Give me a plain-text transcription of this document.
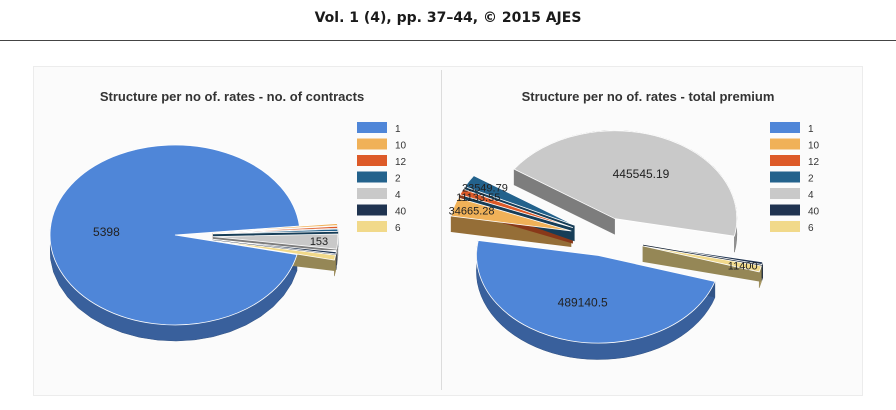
Vol. 1 (4), pp. 37–44, © 2015 AJES
Structure per no of. rates - no. of contracts
5398
153
1
10
12
2
4
40
6
Structure per no of. rates - total premium
489140.5
34665.28
11133.55
23549.79
445545.19
11400
1
10
12
2
4
40
6
